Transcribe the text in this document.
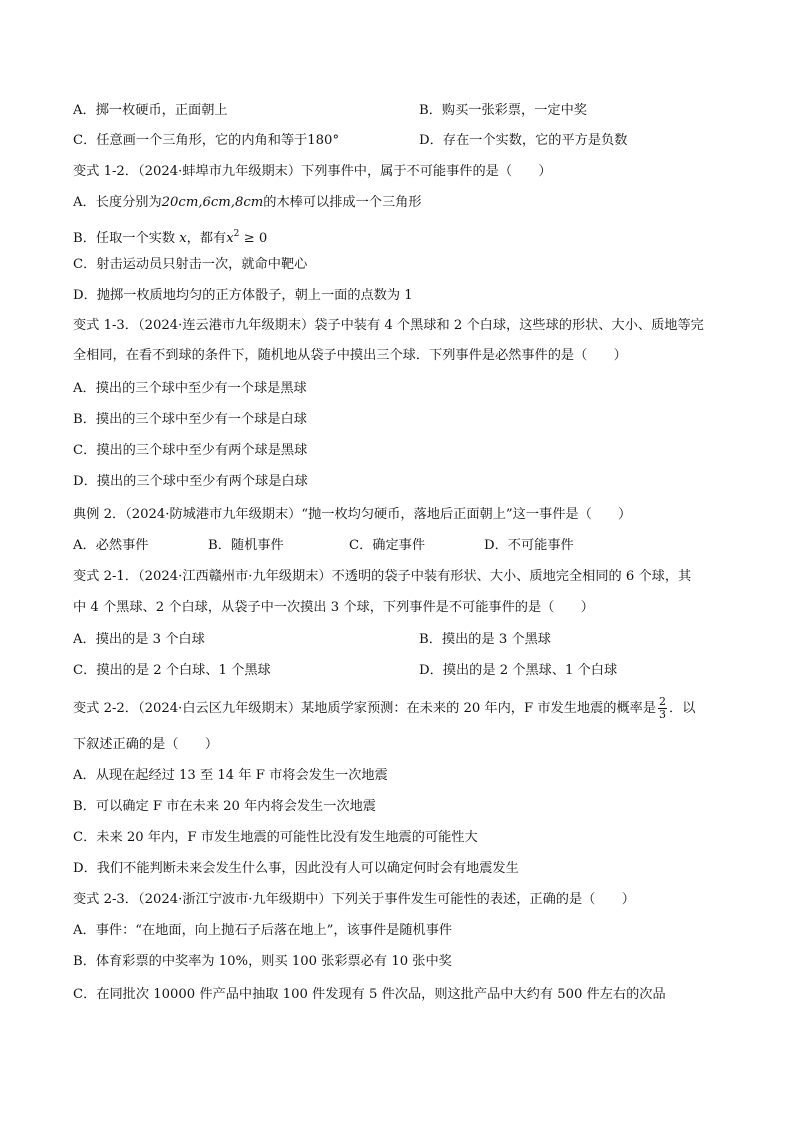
A．掷一枚硬币，正面朝上	B．购买一张彩票，一定中奖
C．任意画一个三角形，它的内角和等于180°	D．存在一个实数，它的平方是负数
变式 1-2．（2024·蚌埠市九年级期末）下列事件中，属于不可能事件的是（　　）
A．长度分别为20cm,6cm,8cm的木棒可以排成一个三角形
B．任取一个实数 x，都有$x^2 \ge 0$
C．射击运动员只射击一次，就命中靶心
D．抛掷一枚质地均匀的正方体骰子，朝上一面的点数为 1
变式 1-3．（2024·连云港市九年级期末）袋子中装有 4 个黑球和 2 个白球，这些球的形状、大小、质地等完
全相同，在看不到球的条件下，随机地从袋子中摸出三个球．下列事件是必然事件的是（　　）
A．摸出的三个球中至少有一个球是黑球
B．摸出的三个球中至少有一个球是白球
C．摸出的三个球中至少有两个球是黑球
D．摸出的三个球中至少有两个球是白球
典例 2．（2024·防城港市九年级期末）“抛一枚均匀硬币，落地后正面朝上”这一事件是（　　）
A．必然事件	B．随机事件	C．确定事件	D．不可能事件
变式 2-1．（2024·江西赣州市·九年级期末）不透明的袋子中装有形状、大小、质地完全相同的 6 个球，其
中 4 个黑球、2 个白球，从袋子中一次摸出 3 个球，下列事件是不可能事件的是（　　）
A．摸出的是 3 个白球	B．摸出的是 3 个黑球
C．摸出的是 2 个白球、1 个黑球	D．摸出的是 2 个黑球、1 个白球
变式 2-2．（2024·白云区九年级期末）某地质学家预测：在未来的 20 年内，F 市发生地震的概率是 $\frac{2}{3}$ ．以
下叙述正确的是（　　）
A．从现在起经过 13 至 14 年 F 市将会发生一次地震
B．可以确定 F 市在未来 20 年内将会发生一次地震
C．未来 20 年内，F 市发生地震的可能性比没有发生地震的可能性大
D．我们不能判断未来会发生什么事，因此没有人可以确定何时会有地震发生
变式 2-3．（2024·浙江宁波市·九年级期中）下列关于事件发生可能性的表述，正确的是（　　）
A．事件：“在地面，向上抛石子后落在地上”，该事件是随机事件
B．体育彩票的中奖率为 10%，则买 100 张彩票必有 10 张中奖
C．在同批次 10000 件产品中抽取 100 件发现有 5 件次品，则这批产品中大约有 500 件左右的次品
